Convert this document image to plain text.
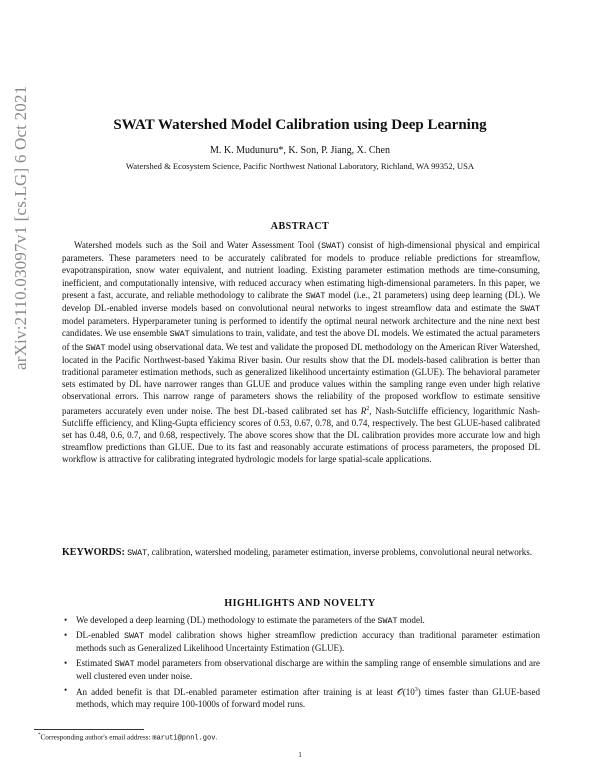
arXiv:2110.03097v1 [cs.LG] 6 Oct 2021	SWAT Watershed Model Calibration using Deep Learning
M. K. Mudunuru*, K. Son, P. Jiang, X. Chen
Watershed & Ecosystem Science, Pacific Northwest National Laboratory, Richland, WA 99352, USA
ABSTRACT

Watershed models such as the Soil and Water Assessment Tool (SWAT) consist of high-dimensional physical and empirical parameters. These parameters need to be accurately calibrated for models to produce reliable predictions for streamflow, evapotranspiration, snow water equivalent, and nutrient loading. Existing parameter estimation methods are time-consuming, inefficient, and computationally intensive, with reduced accuracy when estimating high-dimensional parameters. In this paper, we present a fast, accurate, and reliable methodology to calibrate the SWAT model (i.e., 21 parameters) using deep learning (DL). We develop DL-enabled inverse models based on convolutional neural networks to ingest streamflow data and estimate the SWAT model parameters. Hyperparameter tuning is performed to identify the optimal neural network architecture and the nine next best candidates. We use ensemble SWAT simulations to train, validate, and test the above DL models. We estimated the actual parameters of the SWAT model using observational data. We test and validate the proposed DL methodology on the American River Watershed, located in the Pacific Northwest-based Yakima River basin. Our results show that the DL models-based calibration is better than traditional parameter estimation methods, such as generalized likelihood uncertainty estimation (GLUE). The behavioral parameter sets estimated by DL have narrower ranges than GLUE and produce values within the sampling range even under high relative observational errors. This narrow range of parameters shows the reliability of the proposed workflow to estimate sensitive parameters accurately even under noise. The best DL-based calibrated set has $R^2$, Nash-Sutcliffe efficiency, logarithmic Nash-Sutcliffe efficiency, and Kling-Gupta efficiency scores of 0.53, 0.67, 0.78, and 0.74, respectively. The best GLUE-based calibrated set has 0.48, 0.6, 0.7, and 0.68, respectively. The above scores show that the DL calibration provides more accurate low and high streamflow predictions than GLUE. Due to its fast and reasonably accurate estimations of process parameters, the proposed DL workflow is attractive for calibrating integrated hydrologic models for large spatial-scale applications.

KEYWORDS: SWAT, calibration, watershed modeling, parameter estimation, inverse problems, convolutional neural networks.

HIGHLIGHTS AND NOVELTY
• We developed a deep learning (DL) methodology to estimate the parameters of the SWAT model.
• DL-enabled SWAT model calibration shows higher streamflow prediction accuracy than traditional parameter estimation methods such as Generalized Likelihood Uncertainty Estimation (GLUE).
• Estimated SWAT model parameters from observational discharge are within the sampling range of ensemble simulations and are well clustered even under noise.
• An added benefit is that DL-enabled parameter estimation after training is at least $𝒪(10^3)$ times faster than GLUE-based methods, which may require 100-1000s of forward model runs.
*Corresponding author's email address: maruti@pnnl.gov.
1
